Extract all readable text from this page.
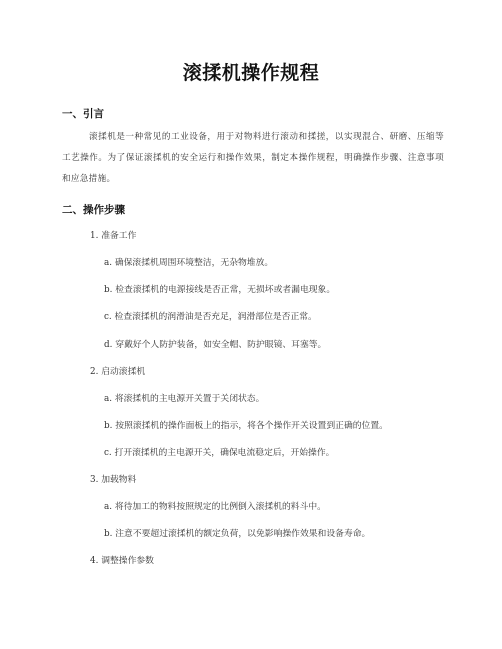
滚揉机操作规程
一、引言
滚揉机是一种常见的工业设备，用于对物料进行滚动和揉搓，以实现混合、研磨、压缩等工艺操作。为了保证滚揉机的安全运行和操作效果，制定本操作规程，明确操作步骤、注意事项和应急措施。
二、操作步骤
1. 准备工作
a. 确保滚揉机周围环境整洁，无杂物堆放。
b. 检查滚揉机的电源接线是否正常，无损坏或者漏电现象。
c. 检查滚揉机的润滑油是否充足，润滑部位是否正常。
d. 穿戴好个人防护装备，如安全帽、防护眼镜、耳塞等。
2. 启动滚揉机
a. 将滚揉机的主电源开关置于关闭状态。
b. 按照滚揉机的操作面板上的指示，将各个操作开关设置到正确的位置。
c. 打开滚揉机的主电源开关，确保电流稳定后，开始操作。
3. 加载物料
a. 将待加工的物料按照规定的比例倒入滚揉机的料斗中。
b. 注意不要超过滚揉机的额定负荷，以免影响操作效果和设备寿命。
4. 调整操作参数
